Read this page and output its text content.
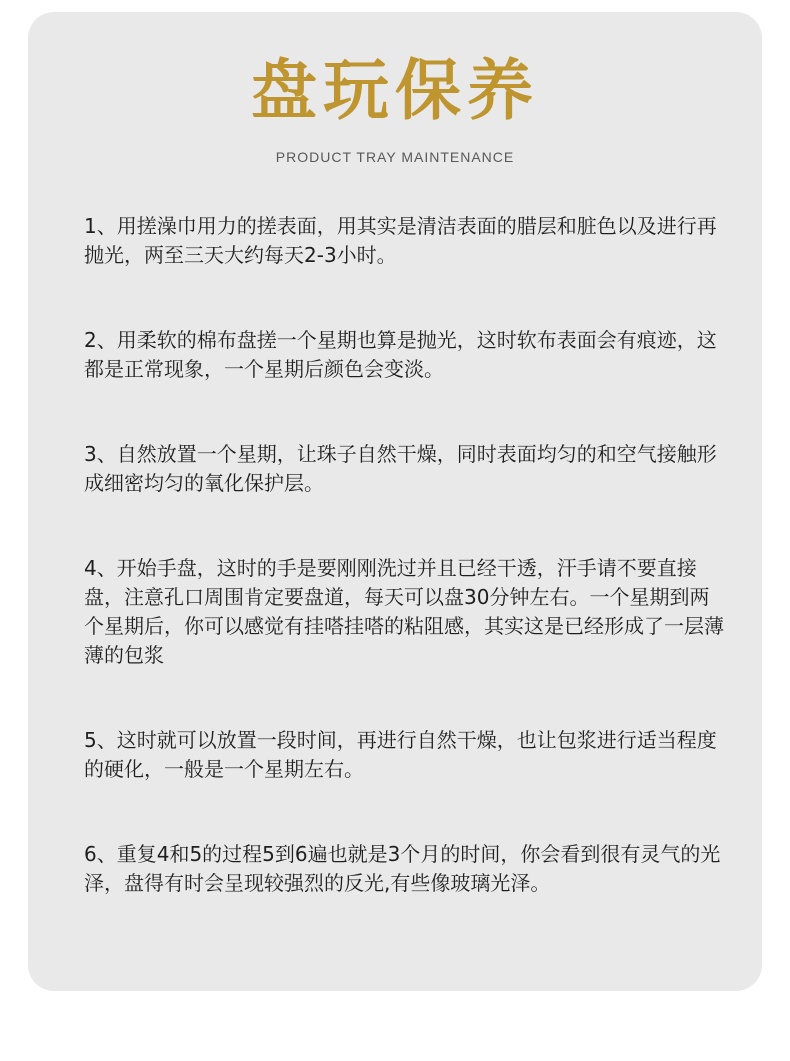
盘玩保养
PRODUCT TRAY MAINTENANCE
1、用搓澡巾用力的搓表面，用其实是清洁表面的腊层和脏色以及进行再抛光，两至三天大约每天2-3小时。
2、用柔软的棉布盘搓一个星期也算是抛光，这时软布表面会有痕迹，这都是正常现象，一个星期后颜色会变淡。
3、自然放置一个星期，让珠子自然干燥，同时表面均匀的和空气接触形成细密均匀的氧化保护层。
4、开始手盘，这时的手是要刚刚洗过并且已经干透，汗手请不要直接盘，注意孔口周围肯定要盘道，每天可以盘30分钟左右。一个星期到两个星期后，你可以感觉有挂嗒挂嗒的粘阻感，其实这是已经形成了一层薄薄的包浆
5、这时就可以放置一段时间，再进行自然干燥，也让包浆进行适当程度的硬化，一般是一个星期左右。
6、重复4和5的过程5到6遍也就是3个月的时间，你会看到很有灵气的光泽，盘得有时会呈现较强烈的反光,有些像玻璃光泽。
